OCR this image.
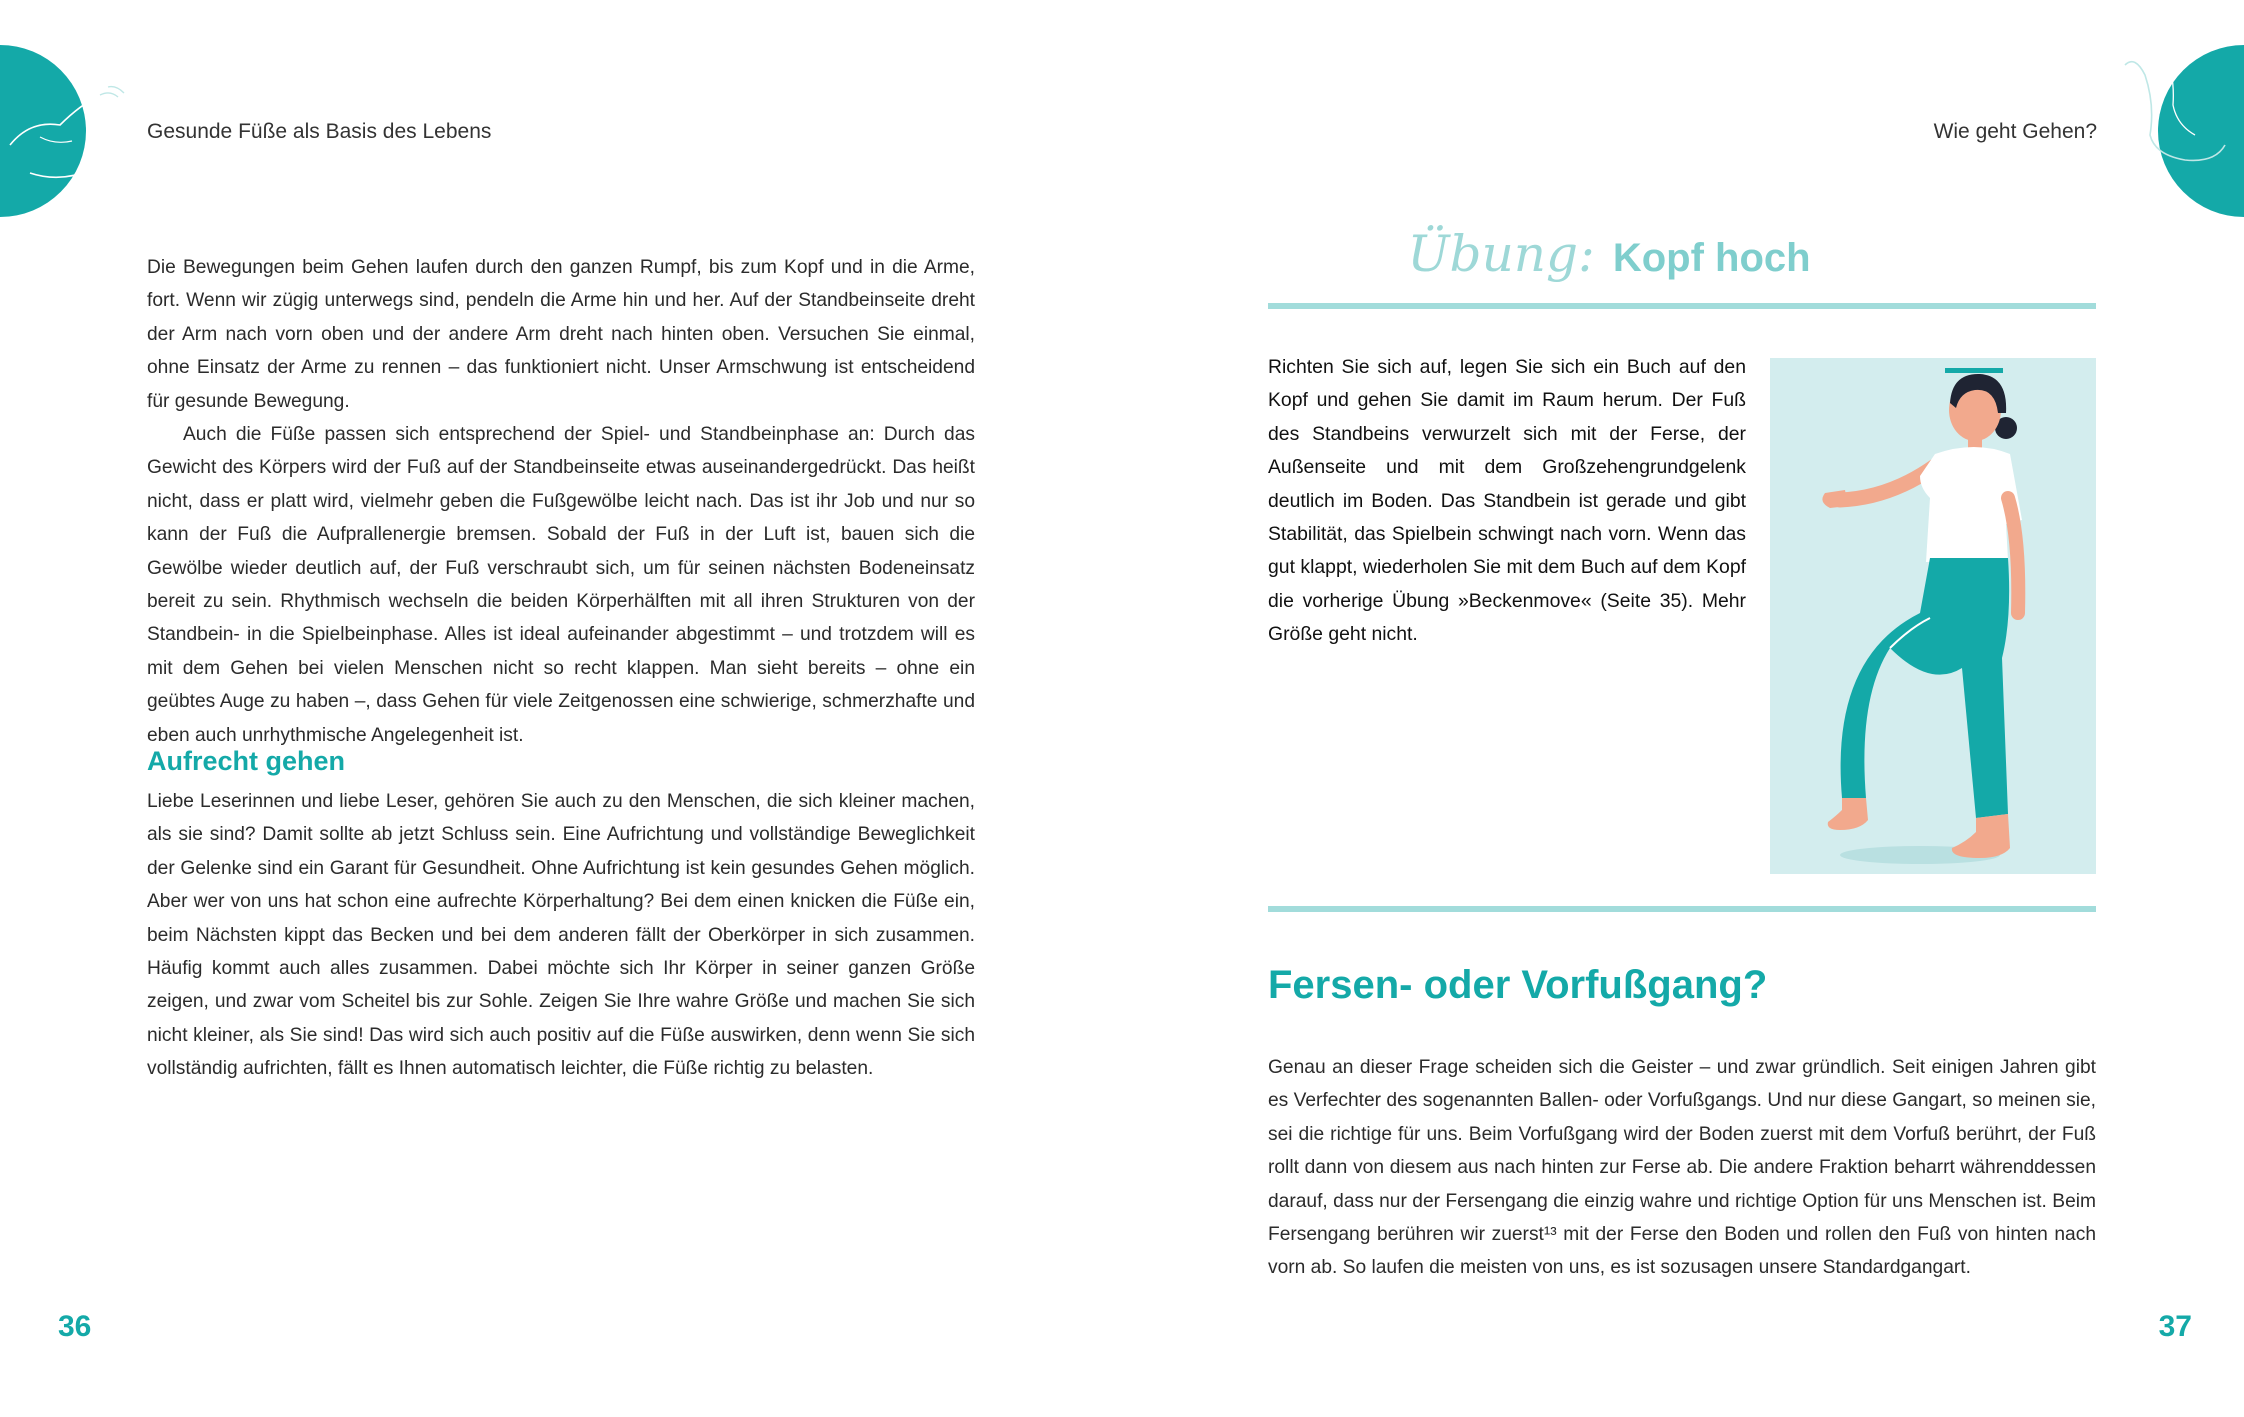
Gesunde Füße als Basis des Lebens	Wie geht Gehen?

Die Bewegungen beim Gehen laufen durch den ganzen Rumpf, bis zum Kopf und in die Arme, fort. Wenn wir zügig unterwegs sind, pendeln die Arme hin und her. Auf der Standbeinseite dreht der Arm nach vorn oben und der andere Arm dreht nach hinten oben. Versuchen Sie einmal, ohne Einsatz der Arme zu rennen – das funktioniert nicht. Unser Armschwung ist entscheidend für gesunde Bewegung.

Auch die Füße passen sich entsprechend der Spiel- und Standbeinphase an: Durch das Gewicht des Körpers wird der Fuß auf der Standbeinseite etwas auseinandergedrückt. Das heißt nicht, dass er platt wird, vielmehr geben die Fußgewölbe leicht nach. Das ist ihr Job und nur so kann der Fuß die Aufprallenergie bremsen. Sobald der Fuß in der Luft ist, bauen sich die Gewölbe wieder deutlich auf, der Fuß verschraubt sich, um für seinen nächsten Bodeneinsatz bereit zu sein. Rhythmisch wechseln die beiden Körperhälften mit all ihren Strukturen von der Standbein- in die Spielbeinphase. Alles ist ideal aufeinander abgestimmt – und trotzdem will es mit dem Gehen bei vielen Menschen nicht so recht klappen. Man sieht bereits – ohne ein geübtes Auge zu haben –, dass Gehen für viele Zeitgenossen eine schwierige, schmerzhafte und eben auch unrhythmische Angelegenheit ist.

Aufrecht gehen

Liebe Leserinnen und liebe Leser, gehören Sie auch zu den Menschen, die sich kleiner machen, als sie sind? Damit sollte ab jetzt Schluss sein. Eine Aufrichtung und vollständige Beweglichkeit der Gelenke sind ein Garant für Gesundheit. Ohne Aufrichtung ist kein gesundes Gehen möglich. Aber wer von uns hat schon eine aufrechte Körperhaltung? Bei dem einen knicken die Füße ein, beim Nächsten kippt das Becken und bei dem anderen fällt der Oberkörper in sich zusammen. Häufig kommt auch alles zusammen. Dabei möchte sich Ihr Körper in seiner ganzen Größe zeigen, und zwar vom Scheitel bis zur Sohle. Zeigen Sie Ihre wahre Größe und machen Sie sich nicht kleiner, als Sie sind! Das wird sich auch positiv auf die Füße auswirken, denn wenn Sie sich vollständig aufrichten, fällt es Ihnen automatisch leichter, die Füße richtig zu belasten.

36
Übung: Kopf hoch

Richten Sie sich auf, legen Sie sich ein Buch auf den Kopf und gehen Sie damit im Raum herum. Der Fuß des Standbeins verwurzelt sich mit der Ferse, der Außenseite und mit dem Großzehengrundgelenk deutlich im Boden. Das Standbein ist gerade und gibt Stabilität, das Spielbein schwingt nach vorn. Wenn das gut klappt, wiederholen Sie mit dem Buch auf dem Kopf die vorherige Übung »Beckenmove« (Seite 35). Mehr Größe geht nicht.

Fersen- oder Vorfußgang?

Genau an dieser Frage scheiden sich die Geister – und zwar gründlich. Seit einigen Jahren gibt es Verfechter des sogenannten Ballen- oder Vorfußgangs. Und nur diese Gangart, so meinen sie, sei die richtige für uns. Beim Vorfußgang wird der Boden zuerst mit dem Vorfuß berührt, der Fuß rollt dann von diesem aus nach hinten zur Ferse ab. Die andere Fraktion beharrt währenddessen darauf, dass nur der Fersengang die einzig wahre und richtige Option für uns Menschen ist. Beim Fersengang berühren wir zuerst¹³ mit der Ferse den Boden und rollen den Fuß von hinten nach vorn ab. So laufen die meisten von uns, es ist sozusagen unsere Standardgangart.

37
